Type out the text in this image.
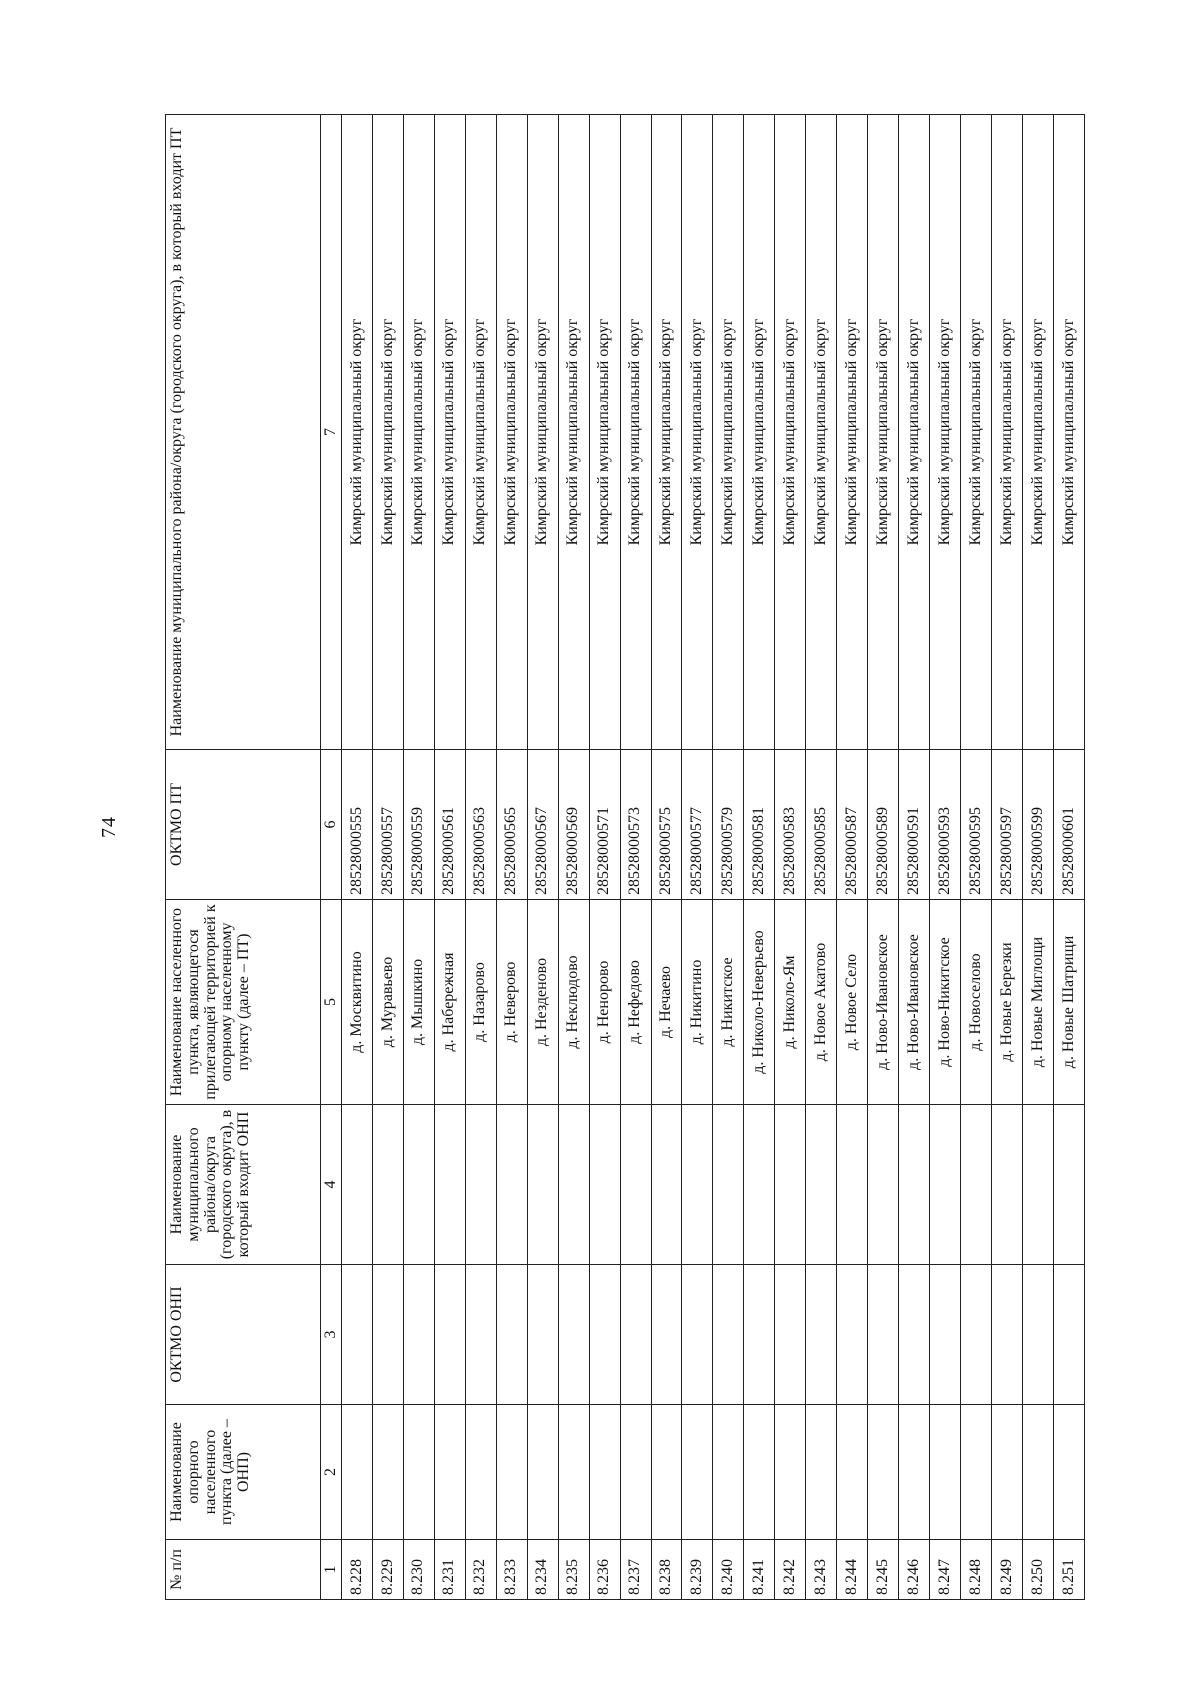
74
№ п/п	Наименование опорного населенного пункта (далее – ОНП)	ОКТМО ОНП	Наименование муниципального района/округа (городского округа), в который входит ОНП	Наименование населенного пункта, являющегося прилегающей территорией к опорному населенному пункту (далее – ПТ)	ОКТМО ПТ	Наименование муниципального района/округа (городского округа), в который входит ПТ
1	2	3	4	5	6	7
8.228				д. Москвитино	28528000555	Кимрский муниципальный округ
8.229				д. Муравьево	28528000557	Кимрский муниципальный округ
8.230				д. Мышкино	28528000559	Кимрский муниципальный округ
8.231				д. Набережная	28528000561	Кимрский муниципальный округ
8.232				д. Назарово	28528000563	Кимрский муниципальный округ
8.233				д. Неверово	28528000565	Кимрский муниципальный округ
8.234				д. Незденово	28528000567	Кимрский муниципальный округ
8.235				д. Неклюдово	28528000569	Кимрский муниципальный округ
8.236				д. Ненорово	28528000571	Кимрский муниципальный округ
8.237				д. Нефедово	28528000573	Кимрский муниципальный округ
8.238				д. Нечаево	28528000575	Кимрский муниципальный округ
8.239				д. Никитино	28528000577	Кимрский муниципальный округ
8.240				д. Никитское	28528000579	Кимрский муниципальный округ
8.241				д. Николо-Неверьево	28528000581	Кимрский муниципальный округ
8.242				д. Николо-Ям	28528000583	Кимрский муниципальный округ
8.243				д. Новое Акатово	28528000585	Кимрский муниципальный округ
8.244				д. Новое Село	28528000587	Кимрский муниципальный округ
8.245				д. Ново-Ивановское	28528000589	Кимрский муниципальный округ
8.246				д. Ново-Ивановское	28528000591	Кимрский муниципальный округ
8.247				д. Ново-Никитское	28528000593	Кимрский муниципальный округ
8.248				д. Новоселово	28528000595	Кимрский муниципальный округ
8.249				д. Новые Березки	28528000597	Кимрский муниципальный округ
8.250				д. Новые Миглощи	28528000599	Кимрский муниципальный округ
8.251				д. Новые Шатрищи	28528000601	Кимрский муниципальный округ
